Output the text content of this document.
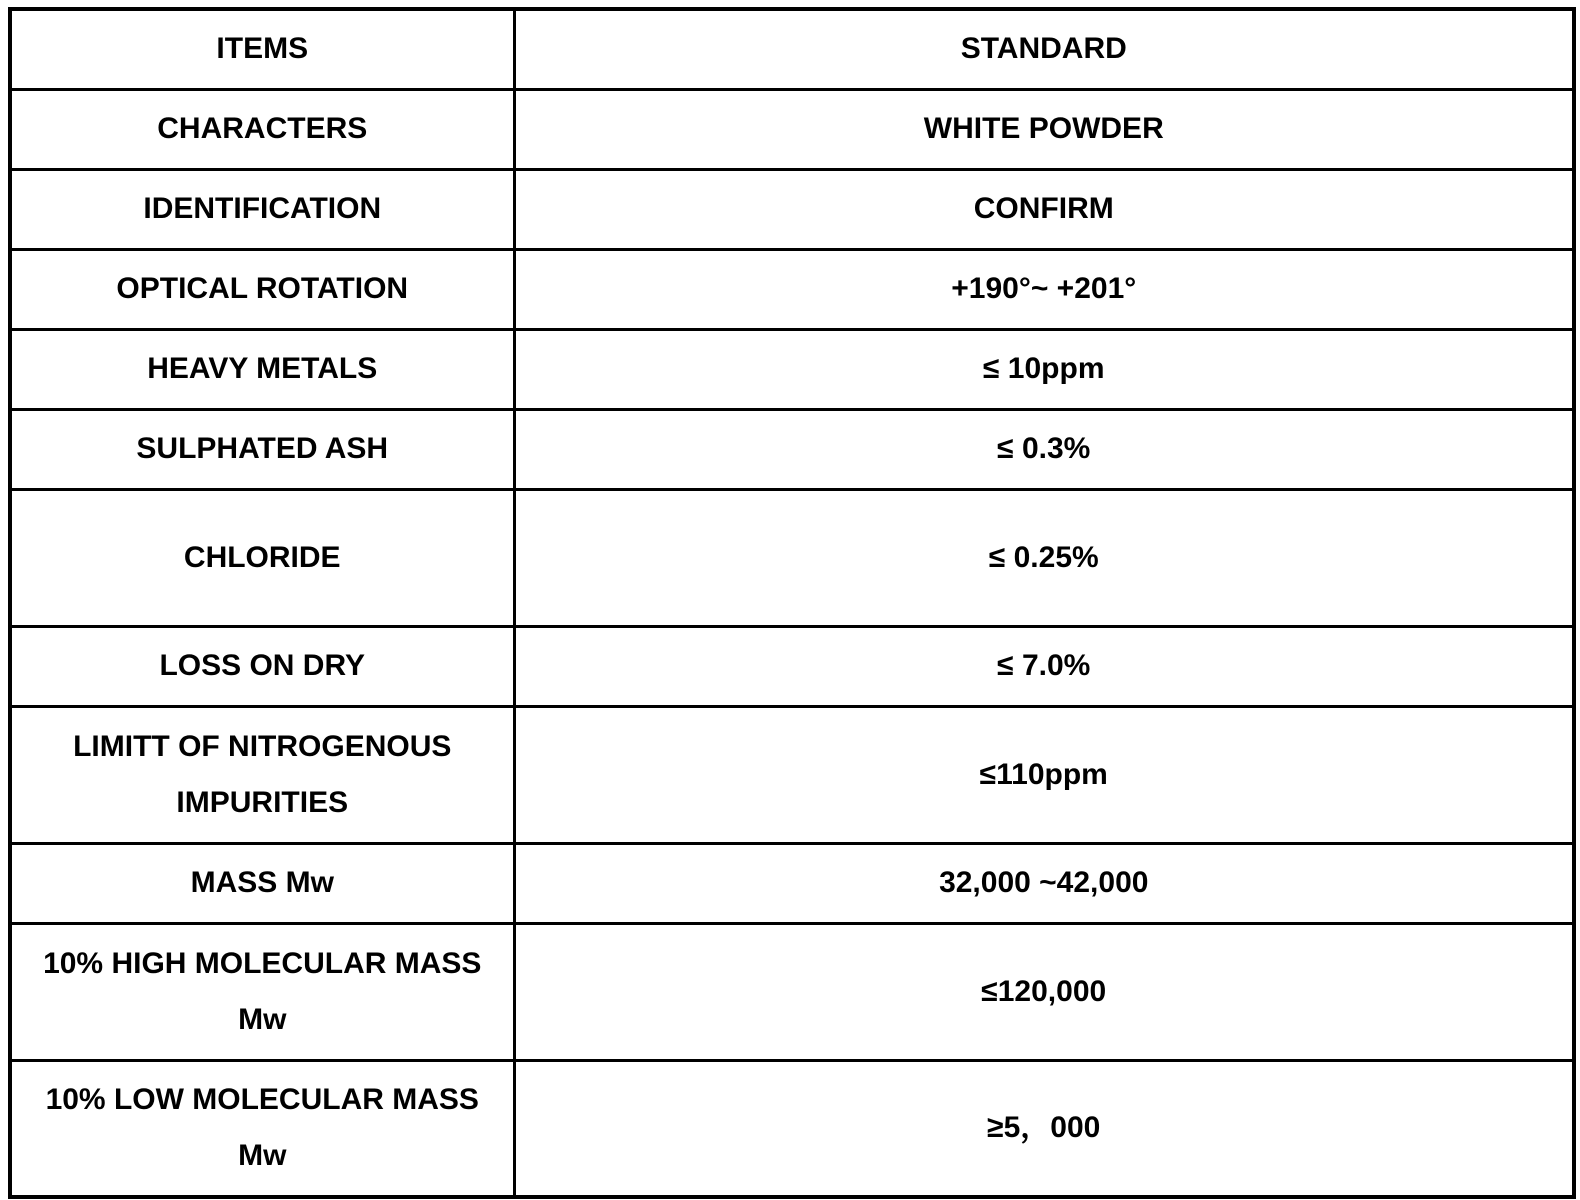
ITEMS	STANDARD
CHARACTERS	WHITE POWDER
IDENTIFICATION	CONFIRM
OPTICAL ROTATION	+190°~ +201°
HEAVY METALS	≤ 10ppm
SULPHATED ASH	≤ 0.3%
CHLORIDE	≤ 0.25%
LOSS ON DRY	≤ 7.0%
LIMITT OF NITROGENOUS IMPURITIES	≤110ppm
MASS Mw	32,000 ~42,000
10% HIGH MOLECULAR MASS Mw	≤120,000
10% LOW MOLECULAR MASS Mw	≥5，000
